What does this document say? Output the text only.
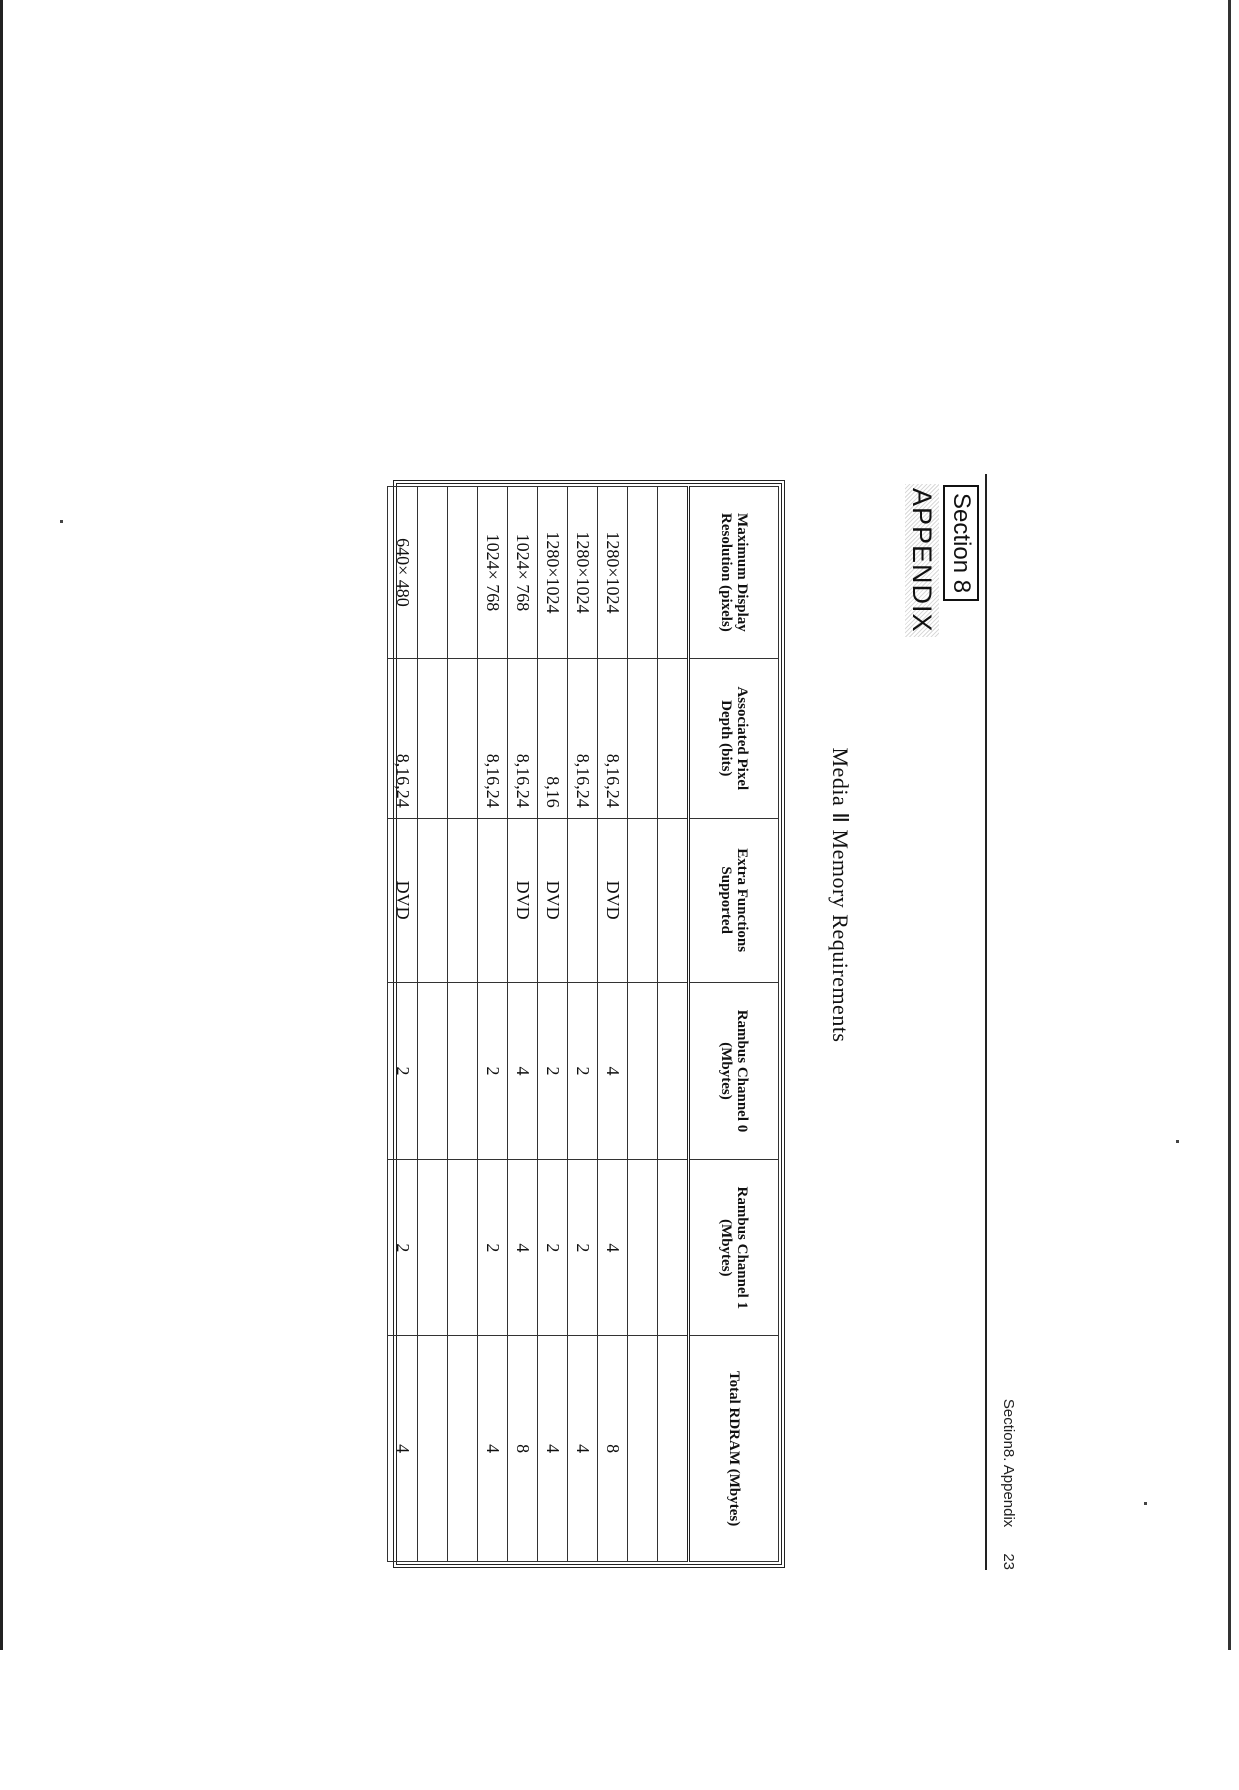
Section8. Appendix23
Section 8
APPENDIX
Media Ⅱ Memory Requirements
Maximum Display Resolution (pixels)	Associated Pixel Depth (bits)	Extra Functions Supported	Rambus Channel 0 (Mbytes)	Rambus Channel 1 (Mbytes)	Total RDRAM (Mbytes)

1280×1024	8,16,24	DVD	4	4	8
1280×1024	8,16,24		2	2	4
1280×1024	8,16	DVD	2	2	4
1024× 768	8,16,24	DVD	4	4	8
1024× 768	8,16,24		2	2	4

640× 480	8,16,24	DVD	2	2	4
